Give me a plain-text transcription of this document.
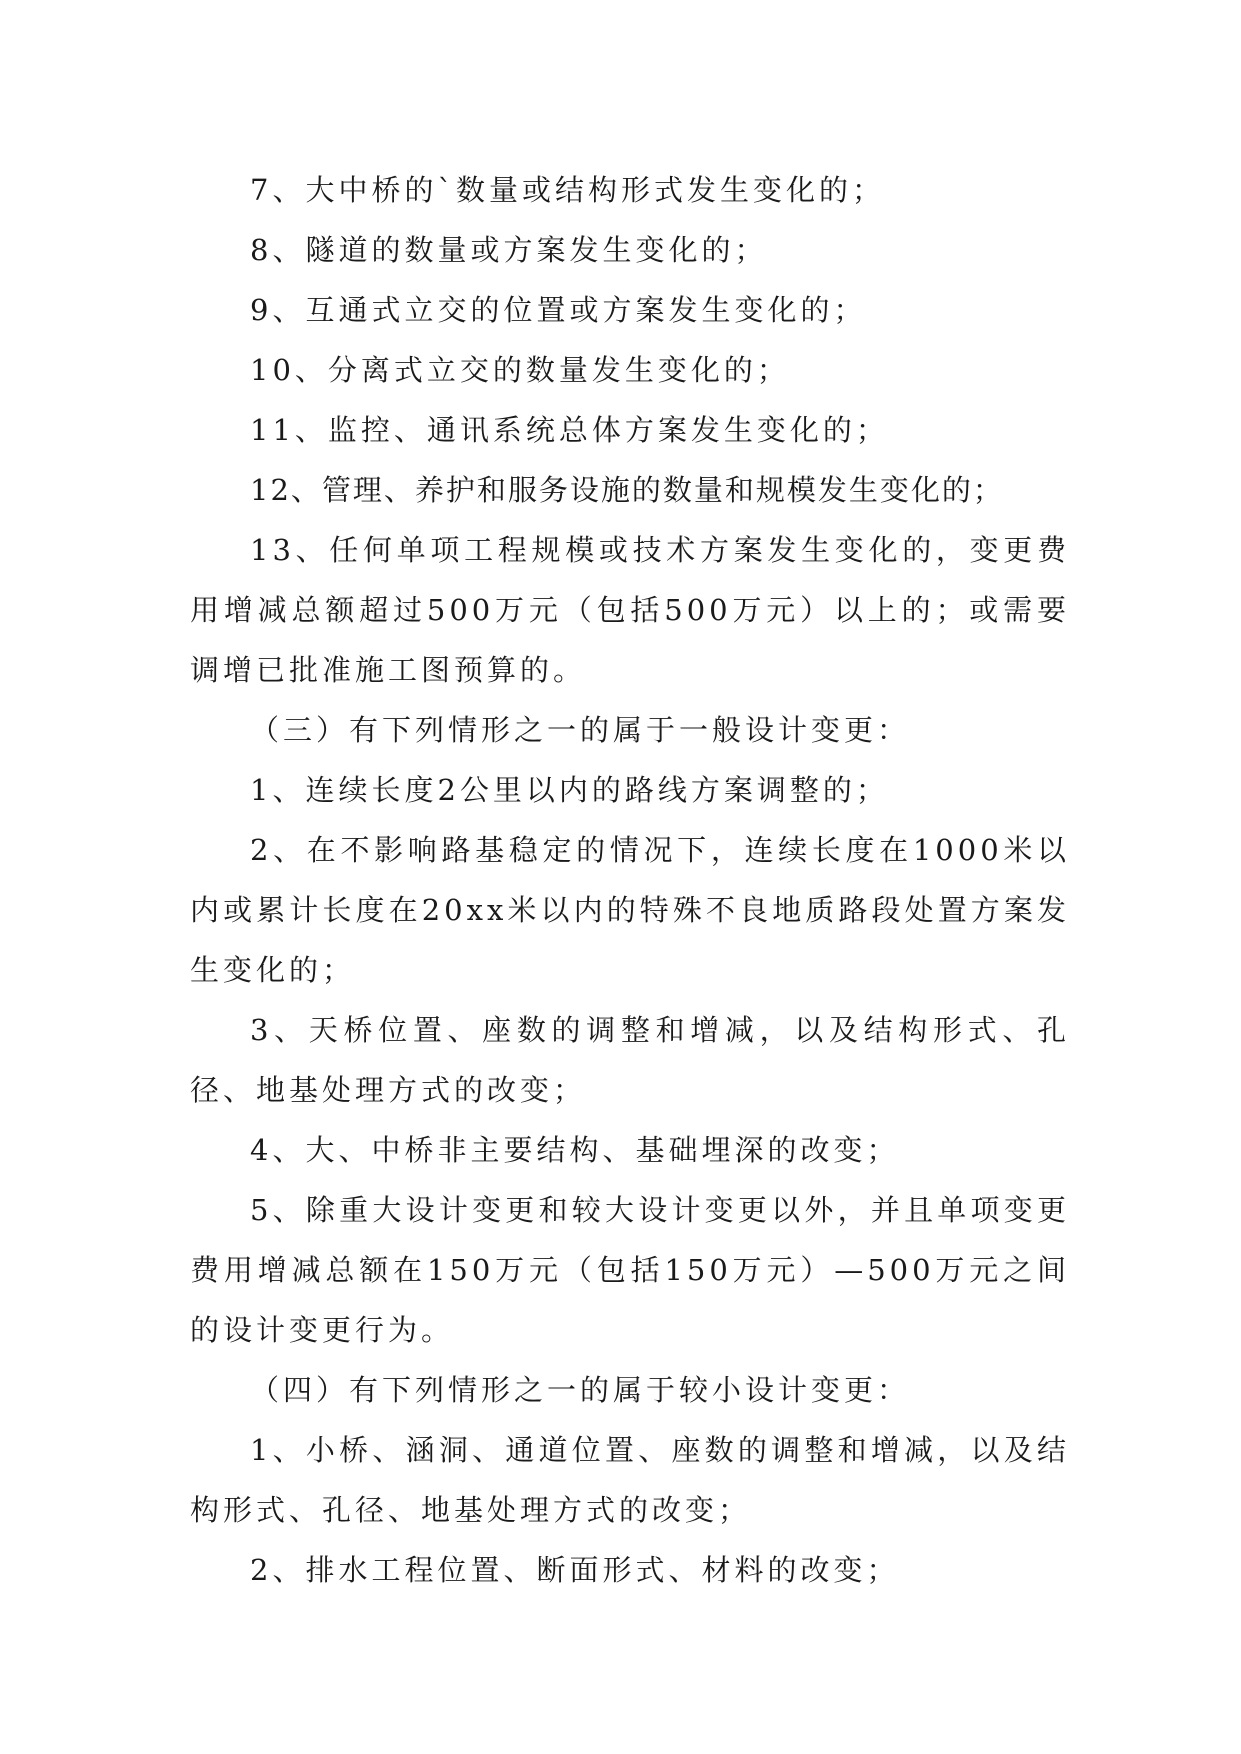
7、大中桥的`数量或结构形式发生变化的；

8、隧道的数量或方案发生变化的；

9、互通式立交的位置或方案发生变化的；

10、分离式立交的数量发生变化的；

11、监控、通讯系统总体方案发生变化的；

12、管理、养护和服务设施的数量和规模发生变化的；

13、任何单项工程规模或技术方案发生变化的，变更费用增减总额超过500万元（包括500万元）以上的；或需要调增已批准施工图预算的。

（三）有下列情形之一的属于一般设计变更：

1、连续长度2公里以内的路线方案调整的；

2、在不影响路基稳定的情况下，连续长度在1000米以内或累计长度在20xx米以内的特殊不良地质路段处置方案发生变化的；

3、天桥位置、座数的调整和增减，以及结构形式、孔径、地基处理方式的改变；

4、大、中桥非主要结构、基础埋深的改变；

5、除重大设计变更和较大设计变更以外，并且单项变更费用增减总额在150万元（包括150万元）—500万元之间的设计变更行为。

（四）有下列情形之一的属于较小设计变更：

1、小桥、涵洞、通道位置、座数的调整和增减，以及结构形式、孔径、地基处理方式的改变；

2、排水工程位置、断面形式、材料的改变；
